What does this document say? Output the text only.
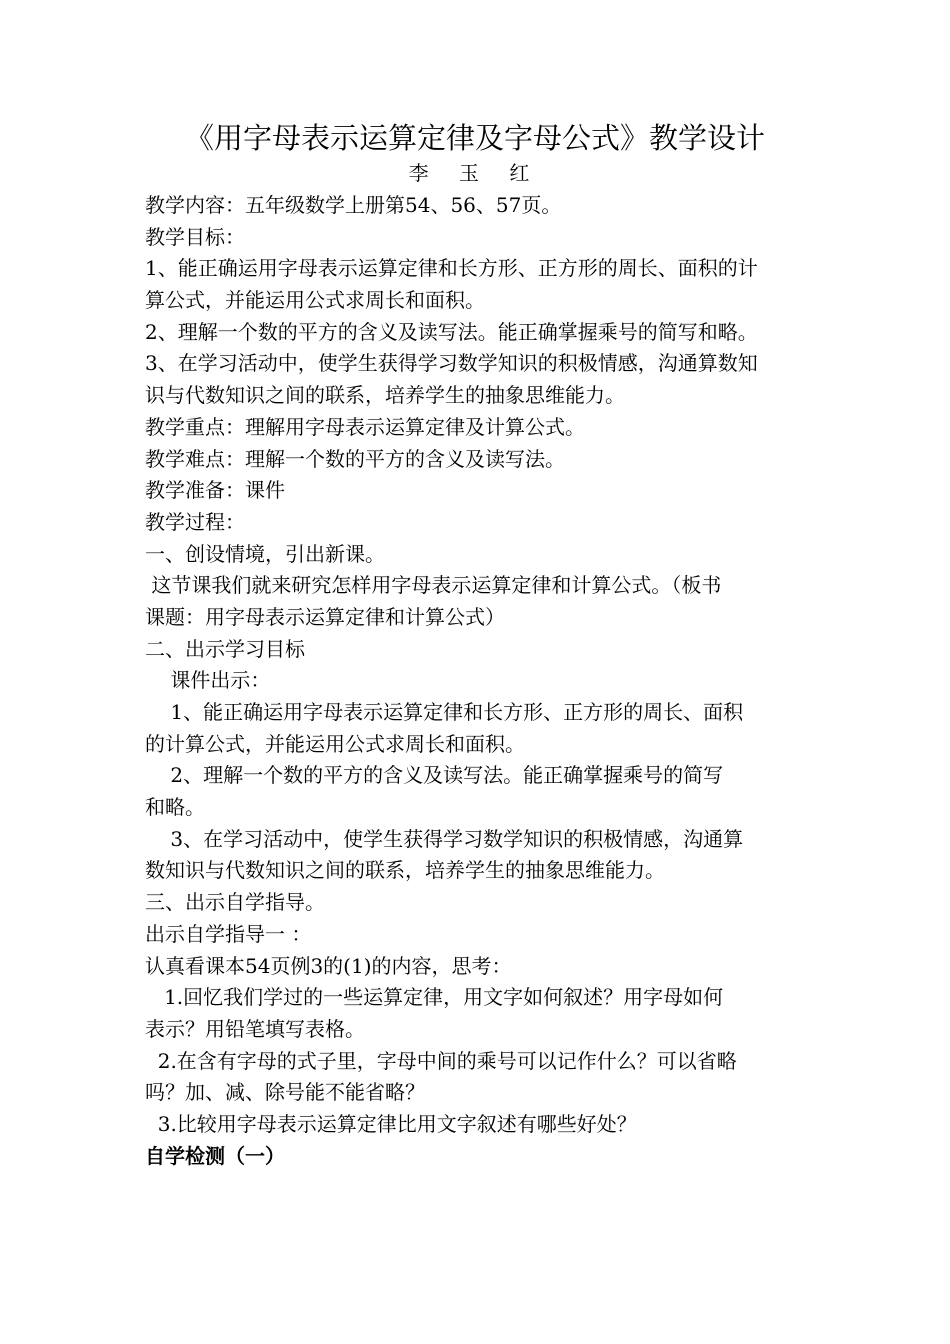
《用字母表示运算定律及字母公式》教学设计
李 玉 红
教学内容：五年级数学上册第54、56、57页。
教学目标：
1、能正确运用字母表示运算定律和长方形、正方形的周长、面积的计
算公式，并能运用公式求周长和面积。
2、理解一个数的平方的含义及读写法。能正确掌握乘号的简写和略。
3、在学习活动中，使学生获得学习数学知识的积极情感，沟通算数知
识与代数知识之间的联系，培养学生的抽象思维能力。
教学重点：理解用字母表示运算定律及计算公式。
教学难点：理解一个数的平方的含义及读写法。
教学准备：课件
教学过程：
一、创设情境，引出新课。
这节课我们就来研究怎样用字母表示运算定律和计算公式。（板书
课题：用字母表示运算定律和计算公式）
二、出示学习目标
课件出示：
1、能正确运用字母表示运算定律和长方形、正方形的周长、面积
的计算公式，并能运用公式求周长和面积。
2、理解一个数的平方的含义及读写法。能正确掌握乘号的简写
和略。
3、在学习活动中，使学生获得学习数学知识的积极情感，沟通算
数知识与代数知识之间的联系，培养学生的抽象思维能力。
三、出示自学指导。
出示自学指导一 ：
认真看课本54页例3的(1)的内容，思考：
1.回忆我们学过的一些运算定律，用文字如何叙述？用字母如何
表示？用铅笔填写表格。
2.在含有字母的式子里，字母中间的乘号可以记作什么？可以省略
吗？加、减、除号能不能省略？
3.比较用字母表示运算定律比用文字叙述有哪些好处？
自学检测（一）
